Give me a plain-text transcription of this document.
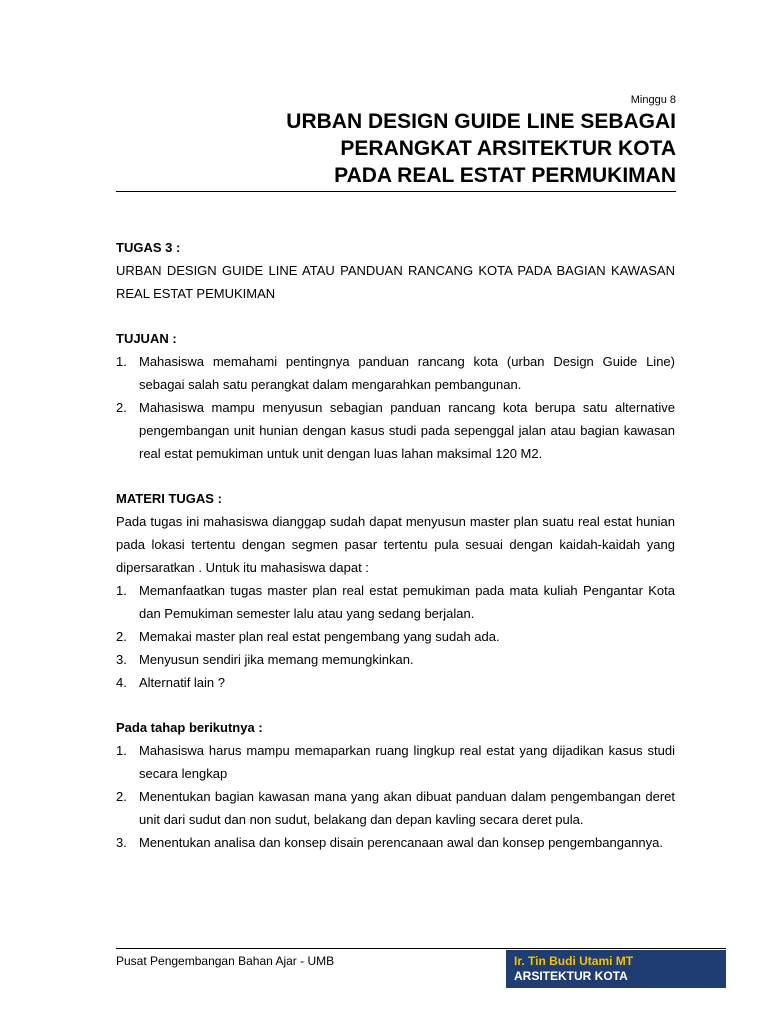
Minggu 8
URBAN DESIGN GUIDE LINE SEBAGAI
PERANGKAT ARSITEKTUR KOTA
PADA REAL ESTAT PERMUKIMAN
TUGAS 3 :

URBAN DESIGN GUIDE LINE ATAU PANDUAN RANCANG KOTA PADA BAGIAN KAWASAN REAL ESTAT PEMUKIMAN

TUJUAN :
1. Mahasiswa memahami pentingnya panduan rancang kota (urban Design Guide Line) sebagai salah satu perangkat dalam mengarahkan pembangunan.
2. Mahasiswa mampu menyusun sebagian panduan rancang kota berupa satu alternative pengembangan unit hunian dengan kasus studi pada sepenggal jalan atau bagian kawasan real estat pemukiman untuk unit dengan luas lahan maksimal 120 M2.
MATERI TUGAS :

Pada tugas ini mahasiswa dianggap sudah dapat menyusun master plan suatu real estat hunian pada lokasi tertentu dengan segmen pasar tertentu pula sesuai dengan kaidah-kaidah yang dipersaratkan . Untuk itu mahasiswa dapat :

1. Memanfaatkan tugas master plan real estat pemukiman pada mata kuliah Pengantar Kota dan Pemukiman semester lalu atau yang sedang berjalan.
2. Memakai master plan real estat pengembang yang sudah ada.
3. Menyusun sendiri jika memang memungkinkan.
4. Alternatif lain ?
Pada tahap berikutnya :
1. Mahasiswa harus mampu memaparkan ruang lingkup real estat yang dijadikan kasus studi secara lengkap
2. Menentukan bagian kawasan mana yang akan dibuat panduan dalam pengembangan deret unit dari sudut dan non sudut, belakang dan depan kavling secara deret pula.
3. Menentukan analisa dan konsep disain perencanaan awal dan konsep pengembangannya.
Pusat Pengembangan Bahan Ajar - UMB	Ir. Tin Budi Utami MT
ARSITEKTUR KOTA
